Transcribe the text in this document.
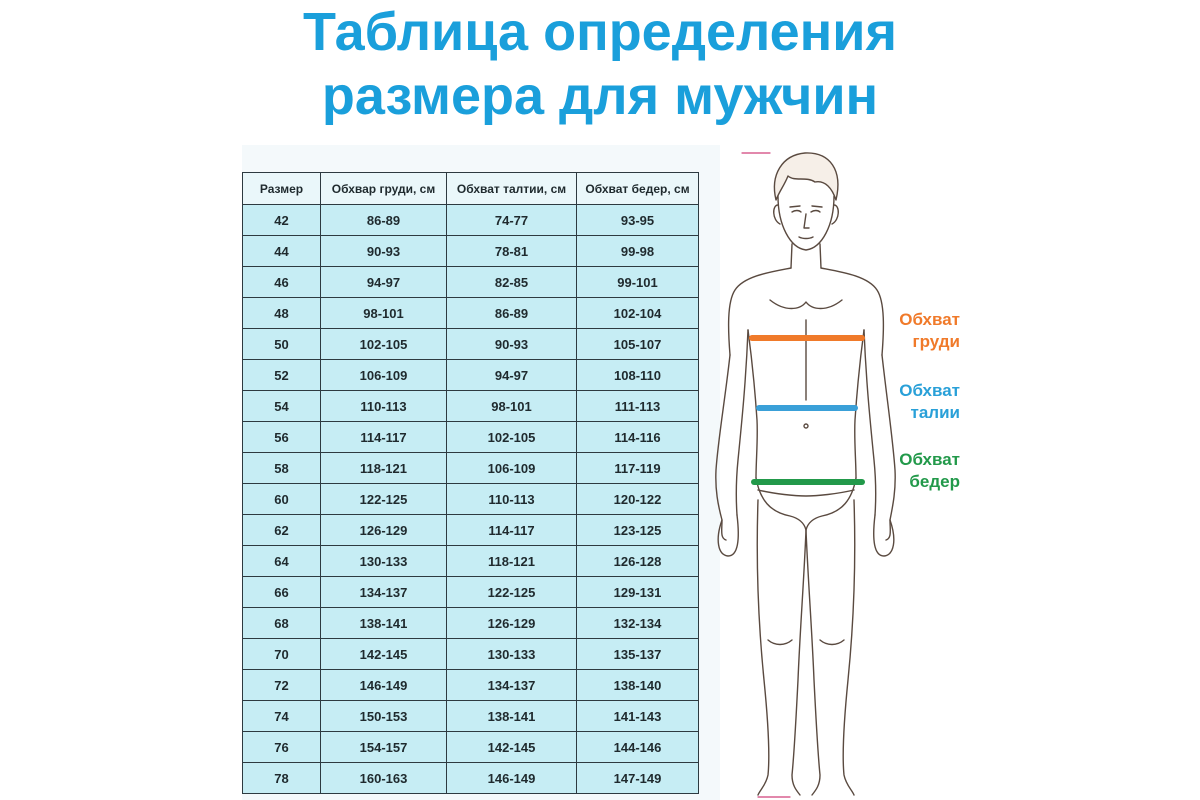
Таблица определения
размера для мужчин
Размер	Обхвар груди, см	Обхват талтии, см	Обхват бедер, см
42	86-89	74-77	93-95
44	90-93	78-81	99-98
46	94-97	82-85	99-101
48	98-101	86-89	102-104
50	102-105	90-93	105-107
52	106-109	94-97	108-110
54	110-113	98-101	111-113
56	114-117	102-105	114-116
58	118-121	106-109	117-119
60	122-125	110-113	120-122
62	126-129	114-117	123-125
64	130-133	118-121	126-128
66	134-137	122-125	129-131
68	138-141	126-129	132-134
70	142-145	130-133	135-137
72	146-149	134-137	138-140
74	150-153	138-141	141-143
76	154-157	142-145	144-146
78	160-163	146-149	147-149
Обхват
груди
Обхват
талии
Обхват
бедер
